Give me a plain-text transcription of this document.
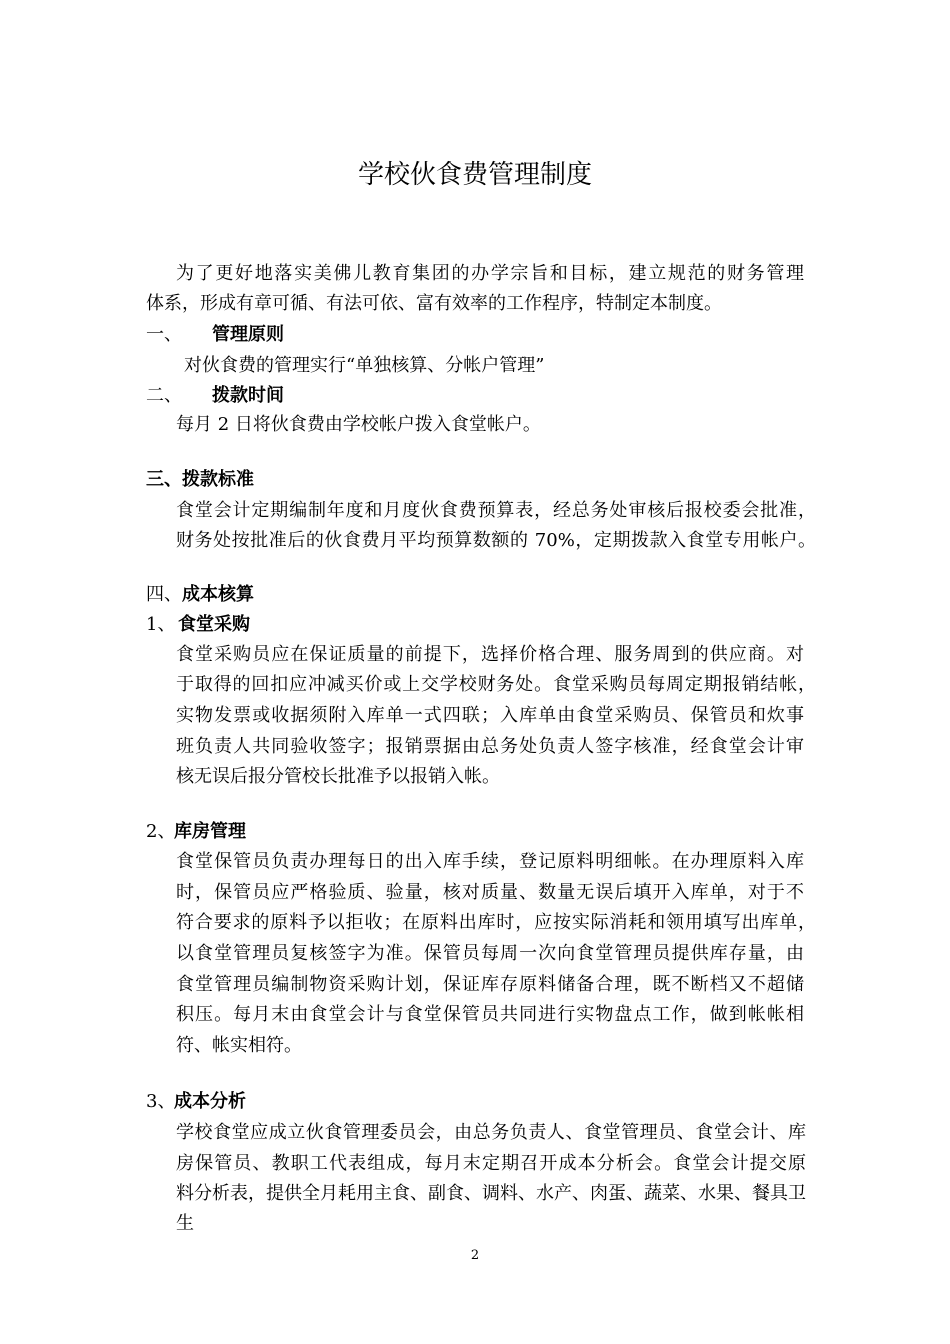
学校伙食费管理制度

为了更好地落实美佛儿教育集团的办学宗旨和目标，建立规范的财务管理

体系，形成有章可循、有法可依、富有效率的工作程序，特制定本制度。

一、 管理原则

对伙食费的管理实行“单独核算、分帐户管理”

二、 拨款时间

每月 2 日将伙食费由学校帐户拨入食堂帐户。

三、拨款标准

食堂会计定期编制年度和月度伙食费预算表，经总务处审核后报校委会批准，

财务处按批准后的伙食费月平均预算数额的 70%，定期拨款入食堂专用帐户。

四、成本核算
1、 食堂采购

食堂采购员应在保证质量的前提下，选择价格合理、服务周到的供应商。对

于取得的回扣应冲减买价或上交学校财务处。食堂采购员每周定期报销结帐，

实物发票或收据须附入库单一式四联；入库单由食堂采购员、保管员和炊事

班负责人共同验收签字；报销票据由总务处负责人签字核准，经食堂会计审

核无误后报分管校长批准予以报销入帐。

2、库房管理

食堂保管员负责办理每日的出入库手续，登记原料明细帐。在办理原料入库

时，保管员应严格验质、验量，核对质量、数量无误后填开入库单，对于不

符合要求的原料予以拒收；在原料出库时，应按实际消耗和领用填写出库单，

以食堂管理员复核签字为准。保管员每周一次向食堂管理员提供库存量，由

食堂管理员编制物资采购计划，保证库存原料储备合理，既不断档又不超储

积压。每月末由食堂会计与食堂保管员共同进行实物盘点工作，做到帐帐相

符、帐实相符。

3、成本分析

学校食堂应成立伙食管理委员会，由总务负责人、食堂管理员、食堂会计、库

房保管员、教职工代表组成，每月末定期召开成本分析会。食堂会计提交原

料分析表，提供全月耗用主食、副食、调料、水产、肉蛋、蔬菜、水果、餐具卫生

2
